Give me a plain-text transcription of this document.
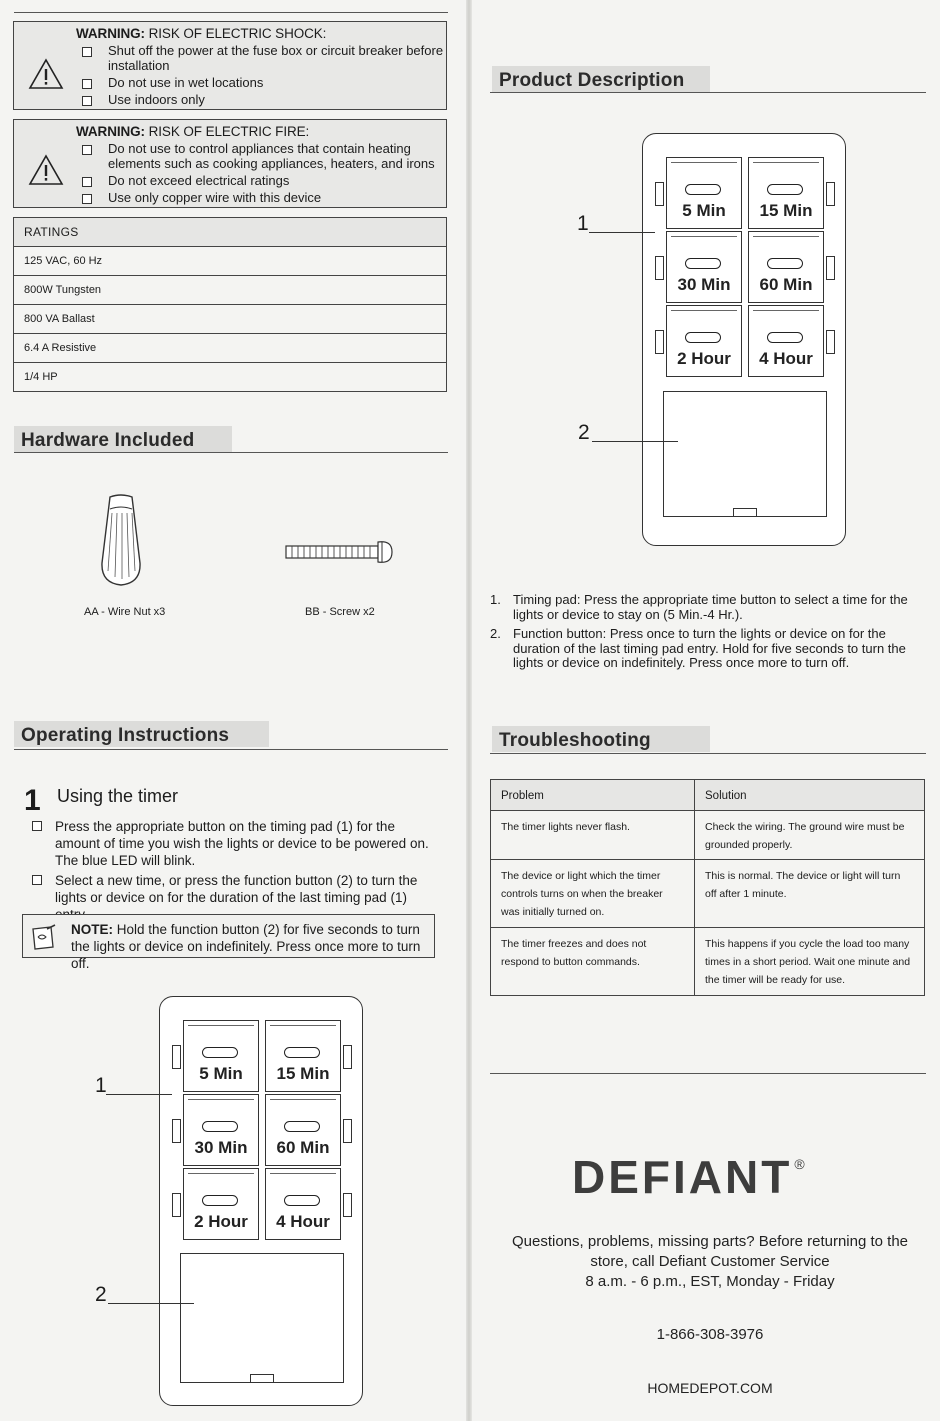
WARNING: RISK OF ELECTRIC SHOCK:
Shut off the power at the fuse box or circuit breaker before installation
Do not use in wet locations
Use indoors only
WARNING: RISK OF ELECTRIC FIRE:
Do not use to control appliances that contain heating elements such as cooking appliances, heaters, and irons
Do not exceed electrical ratings
Use only copper wire with this device
RATINGS
125 VAC, 60 Hz
800W Tungsten
800 VA Ballast
6.4 A Resistive
1/4 HP
Hardware Included
AA - Wire Nut x3	BB - Screw x2
Operating Instructions
1 Using the timer
Press the appropriate button on the timing pad (1) for the amount of time you wish the lights or device to be powered on. The blue LED will blink.
Select a new time, or press the function button (2) to turn the lights or device on for the duration of the last timing pad (1)
NOTE: Hold the function button (2) for five seconds to turn the lights or device on indefinitely. Press once more to turn off.
5 Min	15 Min
30 Min	60 Min
2 Hour	4 Hour
1
2
Product Description
5 Min	15 Min
30 Min	60 Min
2 Hour	4 Hour
1
2
1. Timing pad: Press the appropriate time button to select a time for the lights or device to stay on (5 Min.-4 Hr.).
2. Function button: Press once to turn the lights or device on for the duration of the last timing pad entry. Hold for five seconds to turn the lights or device on indefinitely. Press once more to turn off.
Troubleshooting
Problem	Solution
The timer lights never flash.	Check the wiring. The ground wire must be grounded properly.
The device or light which the timer controls turns on when the breaker was initially turned on.	This is normal. The device or light will turn off after 1 minute.
The timer freezes and does not respond to button commands.	This happens if you cycle the load too many times in a short period. Wait one minute and the timer will be ready for use.
DEFIANT ®
Questions, problems, missing parts? Before returning to the
store, call Defiant Customer Service
8 a.m. - 6 p.m., EST, Monday - Friday
1-866-308-3976
HOMEDEPOT.COM
